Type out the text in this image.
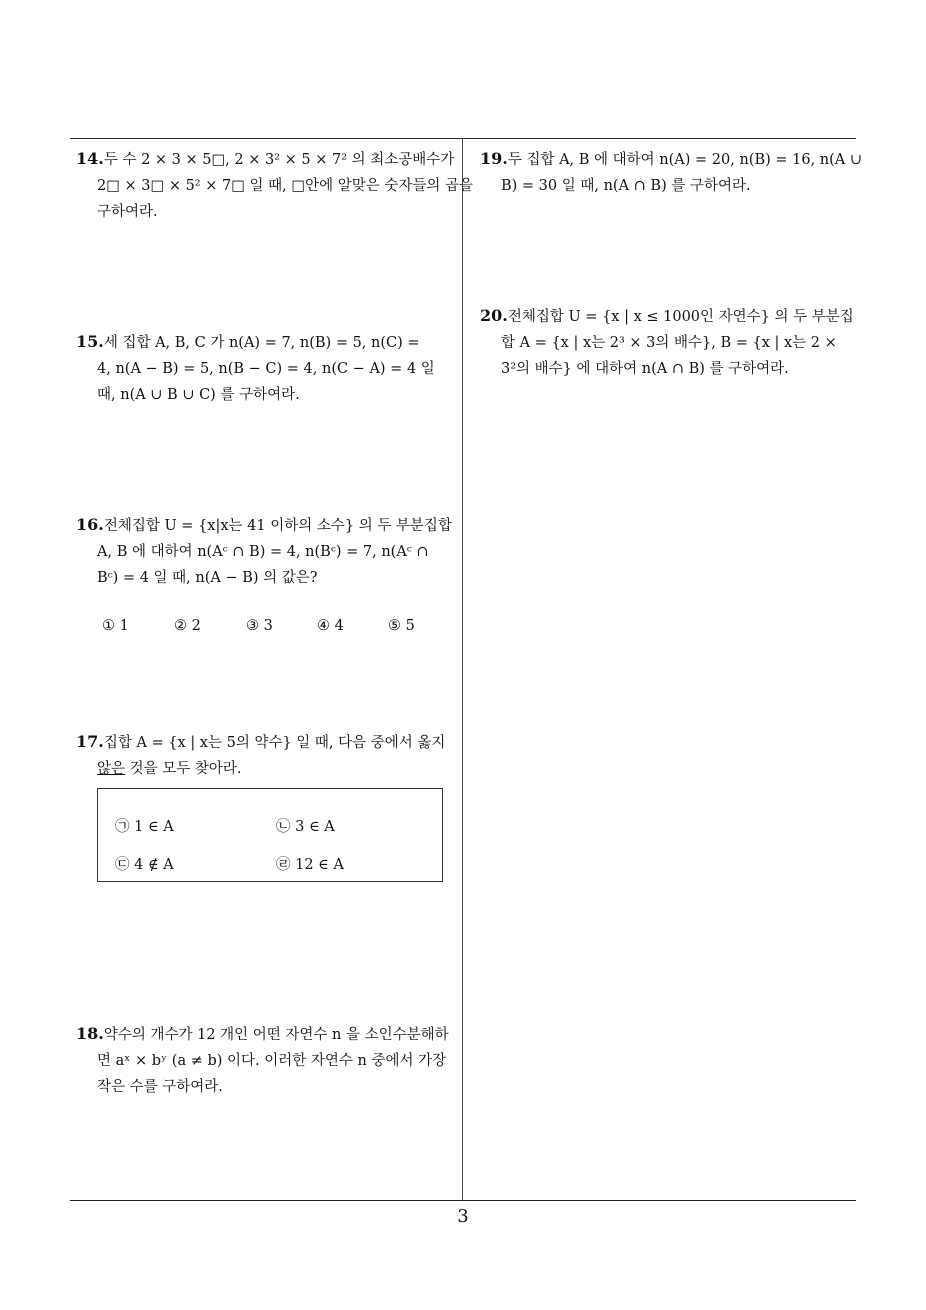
14.두 수 2 × 3 × 5□, 2 × 3² × 5 × 7² 의 최소공배수가
2□ × 3□ × 5² × 7□ 일 때, □안에 알맞은 숫자들의 곱을
구하여라.
15.세 집합 A, B, C 가 n(A) = 7, n(B) = 5, n(C) =
4, n(A − B) = 5, n(B − C) = 4, n(C − A) = 4 일
때, n(A ∪ B ∪ C) 를 구하여라.
16.전체집합 U = {x|x는 41 이하의 소수} 의 두 부분집합
A, B 에 대하여 n(Aᶜ ∩ B) = 4, n(Bᶜ) = 7, n(Aᶜ ∩
Bᶜ) = 4 일 때, n(A − B) 의 값은?
① 1	② 2	③ 3	④ 4	⑤ 5
17.집합 A = {x | x는 5의 약수} 일 때, 다음 중에서 옳지
않은 것을 모두 찾아라.
㉠ 1 ∈ A	㉡ 3 ∈ A
㉢ 4 ∉ A	㉣ 12 ∈ A
18.약수의 개수가 12 개인 어떤 자연수 n 을 소인수분해하
면 aˣ × bʸ (a ≠ b) 이다. 이러한 자연수 n 중에서 가장
작은 수를 구하여라.
19.두 집합 A, B 에 대하여 n(A) = 20, n(B) = 16, n(A ∪
B) = 30 일 때, n(A ∩ B) 를 구하여라.
20.전체집합 U = {x | x ≤ 1000인 자연수} 의 두 부분집
합 A = {x | x는 2³ × 3의 배수}, B = {x | x는 2 ×
3²의 배수} 에 대하여 n(A ∩ B) 를 구하여라.
3
